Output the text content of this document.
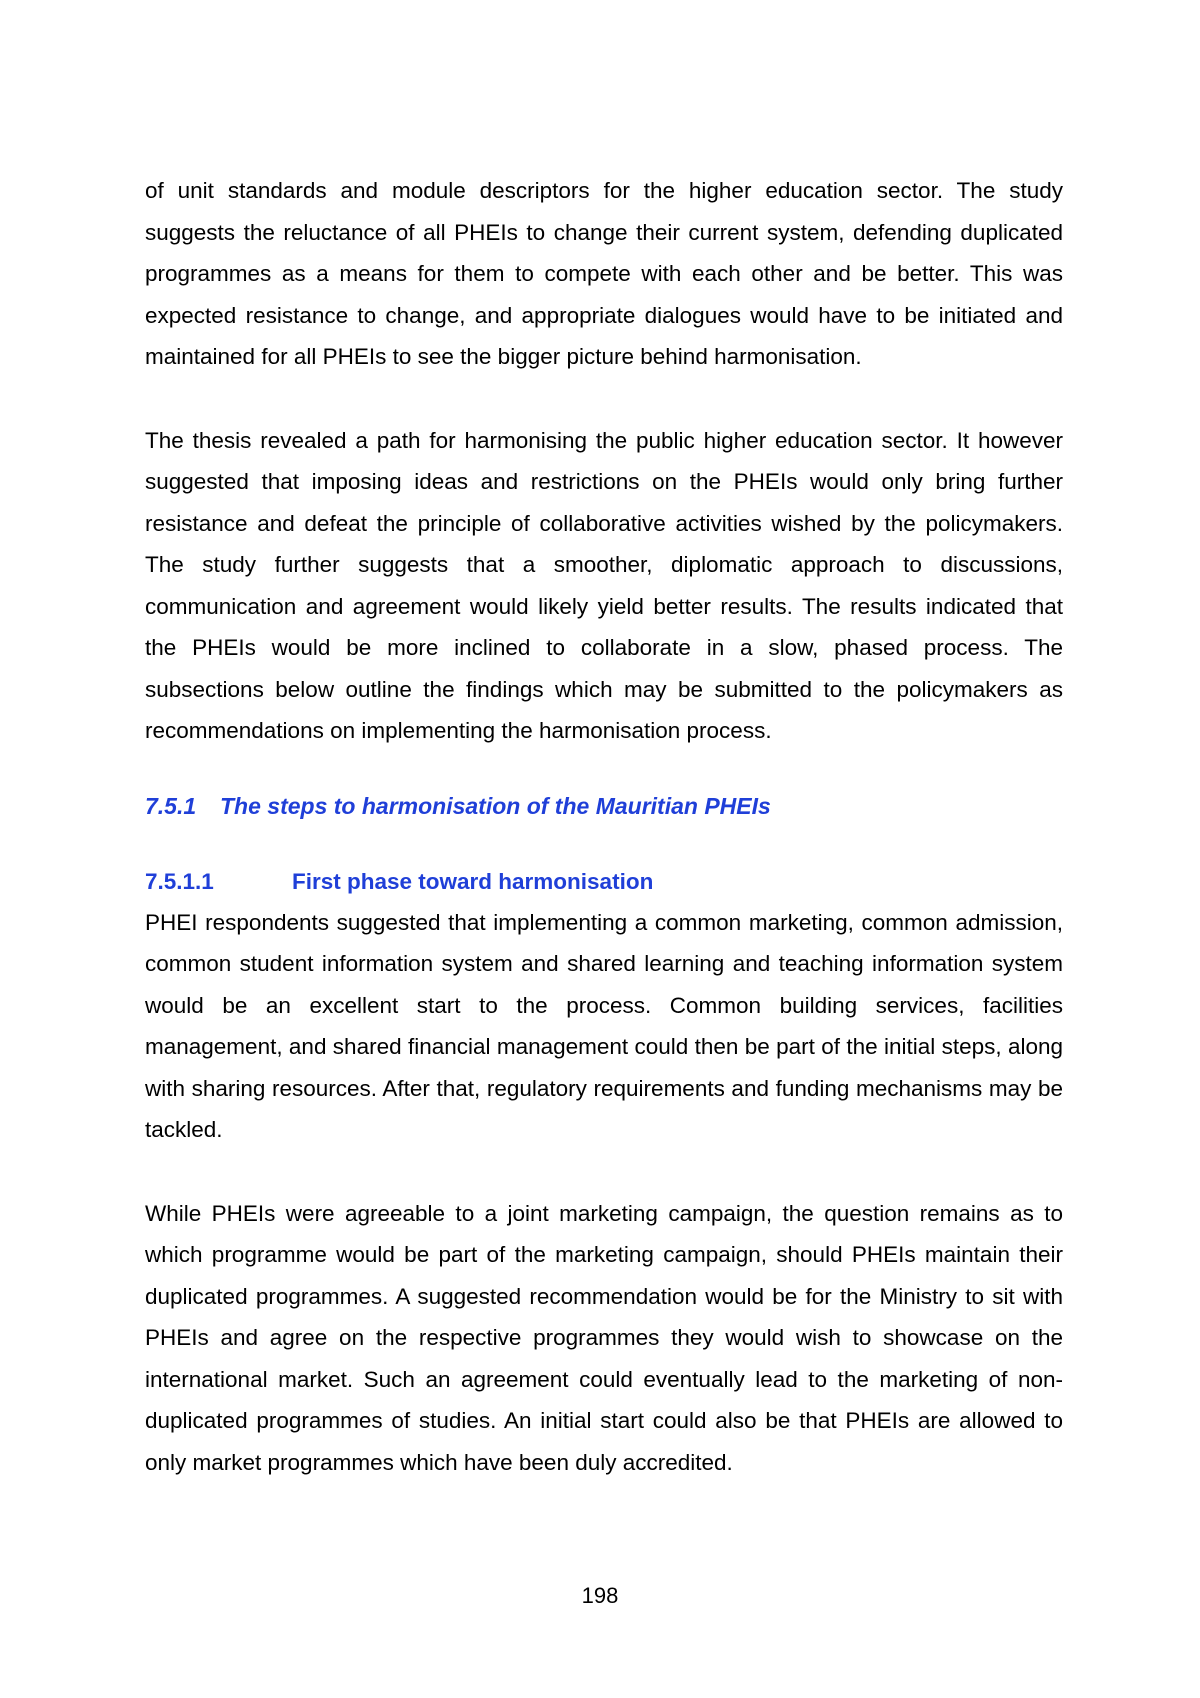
of unit standards and module descriptors for the higher education sector. The study suggests the reluctance of all PHEIs to change their current system, defending duplicated programmes as a means for them to compete with each other and be better. This was expected resistance to change, and appropriate dialogues would have to be initiated and maintained for all PHEIs to see the bigger picture behind harmonisation.

The thesis revealed a path for harmonising the public higher education sector. It however suggested that imposing ideas and restrictions on the PHEIs would only bring further resistance and defeat the principle of collaborative activities wished by the policymakers. The study further suggests that a smoother, diplomatic approach to discussions, communication and agreement would likely yield better results. The results indicated that the PHEIs would be more inclined to collaborate in a slow, phased process. The subsections below outline the findings which may be submitted to the policymakers as recommendations on implementing the harmonisation process.

7.5.1 The steps to harmonisation of the Mauritian PHEIs
7.5.1.1	First phase toward harmonisation

PHEI respondents suggested that implementing a common marketing, common admission, common student information system and shared learning and teaching information system would be an excellent start to the process. Common building services, facilities management, and shared financial management could then be part of the initial steps, along with sharing resources. After that, regulatory requirements and funding mechanisms may be tackled.

While PHEIs were agreeable to a joint marketing campaign, the question remains as to which programme would be part of the marketing campaign, should PHEIs maintain their duplicated programmes. A suggested recommendation would be for the Ministry to sit with PHEIs and agree on the respective programmes they would wish to showcase on the international market. Such an agreement could eventually lead to the marketing of non-duplicated programmes of studies. An initial start could also be that PHEIs are allowed to only market programmes which have been duly accredited.

198
